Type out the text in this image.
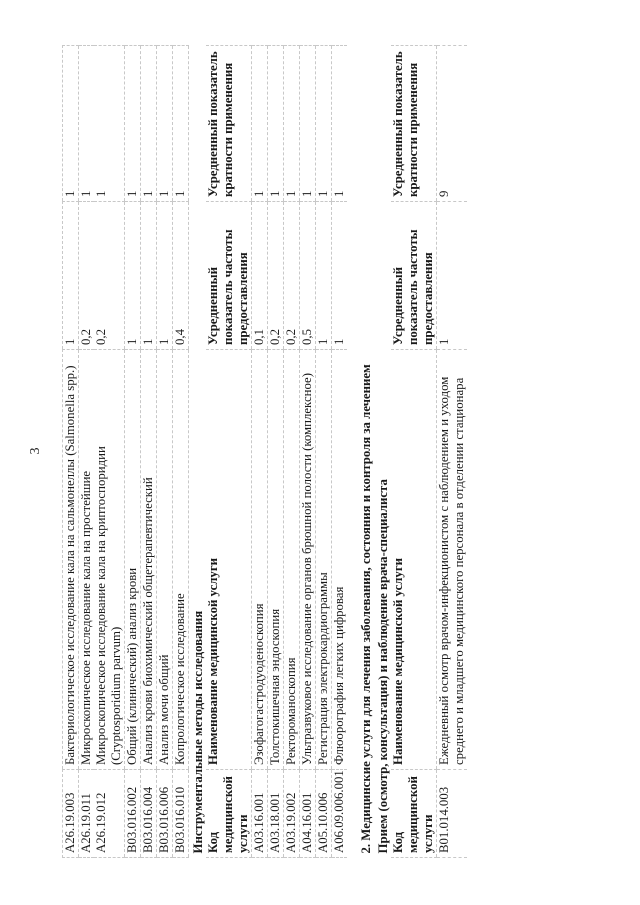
3
A26.19.003	Бактериологическое исследование кала на сальмонеллы (Salmonella spp.)	1	1
A26.19.011	Микроскопическое исследование кала на простейшие	0,2	1
A26.19.012	Микроскопическое исследование кала на криптоспоридии (Cryptosporidium parvum)	0,2	1
B03.016.002	Общий (клинический) анализ крови	1	1
B03.016.004	Анализ крови биохимический общетерапевтический	1	1
B03.016.006	Анализ мочи общий	1	1
B03.016.010	Копрологическое исследование	0,4	1
Инструментальные методы исследования			
Код медицинской услуги	Наименование медицинской услуги	Усредненный показатель частоты предоставления	Усредненный показатель кратности применения
A03.16.001	Эзофагогастродуоденоскопия	0,1	1
A03.18.001	Толстокишечная эндоскопия	0,2	1
A03.19.002	Ректороманоскопия	0,2	1
A04.16.001	Ультразвуковое исследование органов брюшной полости (комплексное)	0,5	1
A05.10.006	Регистрация электрокардиограммы	1	1
A06.09.006.001	Флюорография легких цифровая	1	1

2. Медицинские услуги для лечения заболевания, состояния и контроля за лечением			
Прием (осмотр, консультация) и наблюдение врача-специалиста			
Код медицинской услуги	Наименование медицинской услуги	Усредненный показатель частоты предоставления	Усредненный показатель кратности применения
B01.014.003	Ежедневный осмотр врачом-инфекционистом с наблюдением и уходом среднего и младшего медицинского персонала в отделении стационара	1	9
